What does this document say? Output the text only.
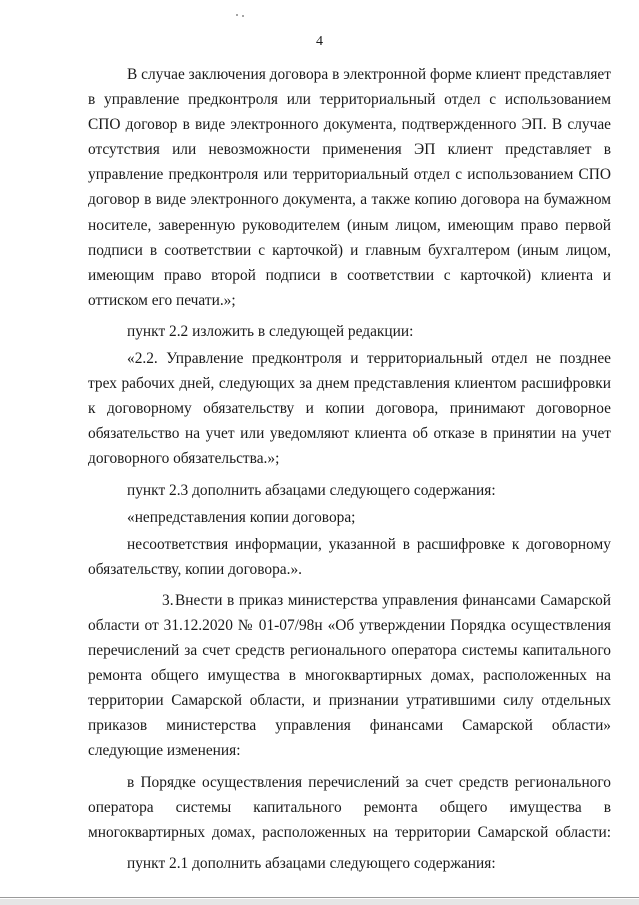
4

В случае заключения договора в электронной форме клиент представляет в управление предконтроля или территориальный отдел с использованием СПО договор в виде электронного документа, подтвержденного ЭП. В случае отсутствия или невозможности применения ЭП клиент представляет в управление предконтроля или территориальный отдел с использованием СПО договор в виде электронного документа, а также копию договора на бумажном носителе, заверенную руководителем (иным лицом, имеющим право первой подписи в соответствии с карточкой) и главным бухгалтером (иным лицом, имеющим право второй подписи в соответствии с карточкой) клиента и оттиском его печати.»;

пункт 2.2 изложить в следующей редакции:

«2.2. Управление предконтроля и территориальный отдел не позднее трех рабочих дней, следующих за днем представления клиентом расшифровки к договорному обязательству и копии договора, принимают договорное обязательство на учет или уведомляют клиента об отказе в принятии на учет договорного обязательства.»;

пункт 2.3 дополнить абзацами следующего содержания:

«непредставления копии договора;

несоответствия информации, указанной в расшифровке к договорному обязательству, копии договора.».

3.Внести в приказ министерства управления финансами Самарской области от 31.12.2020 № 01-07/98н «Об утверждении Порядка осуществления перечислений за счет средств регионального оператора системы капитального ремонта общего имущества в многоквартирных домах, расположенных на территории Самарской области, и признании утратившими силу отдельных приказов министерства управления финансами Самарской области» следующие изменения:

в Порядке осуществления перечислений за счет средств регионального оператора системы капитального ремонта общего имущества в многоквартирных домах, расположенных на территории Самарской области:

пункт 2.1 дополнить абзацами следующего содержания:
